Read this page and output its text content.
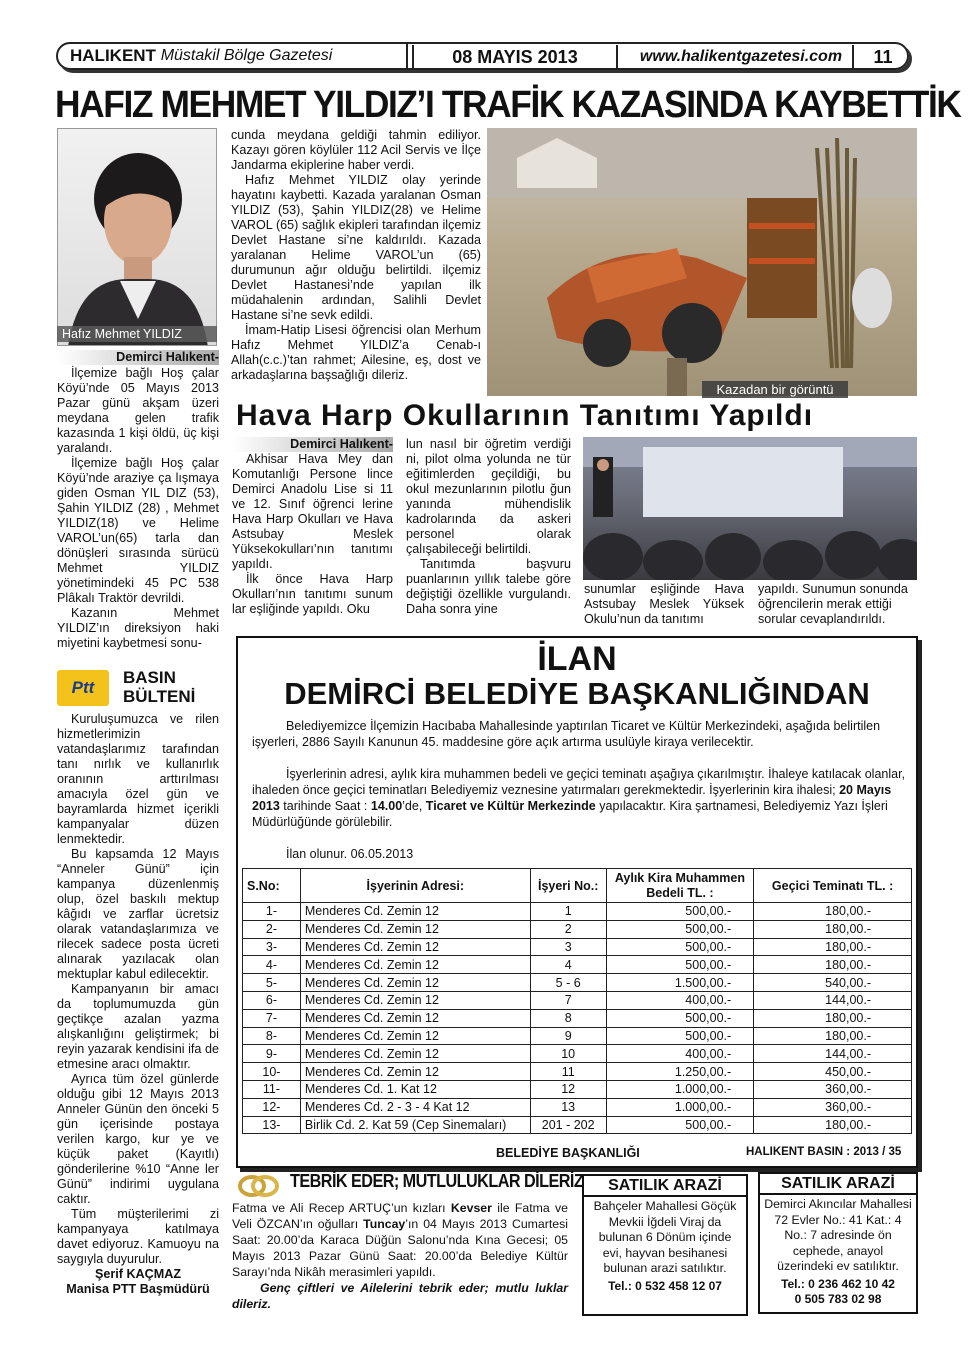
HALIKENT
Müstakil Bölge Gazetesi	08 MAYIS 2013	www.halikentgazetesi.com	11
HAFIZ MEHMET YILDIZ’I TRAFİK KAZASINDA KAYBETTİK
Hafız Mehmet YILDIZ
Demirci Halıkent-

İlçemize bağlı Hoş çalar Köyü’nde 05 Mayıs 2013 Pazar günü akşam üzeri meydana gelen trafik kazasında 1 kişi öldü, üç kişi yaralandı.

İlçemize bağlı Hoş çalar Köyü’nde araziye ça lışmaya giden Osman YIL DIZ (53), Şahin YILDIZ (28) , Mehmet YILDIZ(18) ve Helime VAROL’un(65) tarla dan dönüşleri sırasında sürücü Mehmet YILDIZ yönetimindeki 45 PC 538 Plâkalı Traktör devrildi.

Kazanın Mehmet YILDIZ’ın direksiyon haki miyetini kaybetmesi sonu-

cunda meydana geldiği tahmin ediliyor. Kazayı gören köylüler 112 Acil Servis ve İlçe Jandarma ekiplerine haber verdi.

Hafız Mehmet YILDIZ olay yerinde hayatını kaybetti. Kazada yaralanan Osman YILDIZ (53), Şahin YILDIZ(28) ve Helime VAROL (65) sağlık ekipleri tarafından ilçemiz Devlet Hastane si’ne kaldırıldı. Kazada yaralanan Helime VAROL’un (65) durumunun ağır olduğu belirtildi. ilçemiz Devlet Hastanesi’nde yapılan ilk müdahalenin ardından, Salihli Devlet Hastane si’ne sevk edildi.

İmam-Hatip Lisesi öğrencisi olan Merhum Hafız Mehmet YILDIZ’a Cenab-ı Allah(c.c.)’tan rahmet; Ailesine, eş, dost ve arkadaşlarına başsağlığı dileriz.

Kazadan bir görüntü
Hava Harp Okullarının Tanıtımı Yapıldı
Demirci Halıkent-

Akhisar Hava Mey dan Komutanlığı Persone lince Demirci Anadolu Lise si 11 ve 12. Sınıf öğrenci lerine Hava Harp Okulları ve Hava Astsubay Meslek Yüksekokulları’nın tanıtımı yapıldı.

İlk önce Hava Harp Okulları’nın tanıtımı sunum lar eşliğinde yapıldı. Oku

lun nasıl bir öğretim verdiği ni, pilot olma yolunda ne tür eğitimlerden geçildiği, bu okul mezunlarının pilotlu ğun yanında mühendislik kadrolarında da askeri personel olarak çalışabileceği belirtildi.

Tanıtımda başvuru puanlarının yıllık talebe göre değiştiği özellikle vurgulandı. Daha sonra yine

sunumlar eşliğinde Hava Astsubay Meslek Yüksek Okulu’nun da tanıtımı
yapıldı. Sunumun sonunda öğrencilerin merak ettiği sorular cevaplandırıldı.
Ptt
BASIN
BÜLTENİ

Kuruluşumuzca ve rilen hizmetlerimizin vatandaşlarımız tarafından tanı nırlık ve kullanırlık oranının arttırılması amacıyla özel gün ve bayramlarda hizmet içerikli kampanyalar düzen lenmektedir.

Bu kapsamda 12 Mayıs “Anneler Günü” için kampanya düzenlenmiş olup, özel baskılı mektup kâğıdı ve zarflar ücretsiz olarak vatandaşlarımıza ve rilecek sadece posta ücreti alınarak yazılacak olan mektuplar kabul edilecektir.

Kampanyanın bir amacı da toplumumuzda gün geçtikçe azalan yazma alışkanlığını geliştirmek; bi reyin yazarak kendisini ifa de etmesine aracı olmaktır.

Ayrıca tüm özel günlerde olduğu gibi 12 Mayıs 2013 Anneler Günün den önceki 5 gün içerisinde postaya verilen kargo, kur ye ve küçük paket (Kayıtlı) gönderilerine %10 “Anne ler Günü” indirimi uygulana caktır.

Tüm müşterilerimi zi kampanyaya katılmaya davet ediyoruz. Kamuoyu na saygıyla duyurulur.

Şerif KAÇMAZ
Manisa PTT Başmüdürü
İLAN
DEMİRCİ BELEDİYE BAŞKANLIĞINDAN
Belediyemizce İlçemizin Hacıbaba Mahallesinde yaptırılan Ticaret ve Kültür Merkezindeki, aşağıda belirtilen işyerleri, 2886 Sayılı Kanunun 45. maddesine göre açık artırma usulüyle kiraya verilecektir.
İşyerlerinin adresi, aylık kira muhammen bedeli ve geçici teminatı aşağıya çıkarılmıştır. İhaleye katılacak olanlar, ihaleden önce geçici teminatları Belediyemiz veznesine yatırmaları gerekmektedir. İşyerlerinin kira ihalesi; 20 Mayıs 2013 tarihinde Saat : 14.00’de, Ticaret ve Kültür Merkezinde yapılacaktır. Kira şartnamesi, Belediyemiz Yazı İşleri Müdürlüğünde görülebilir.
İlan olunur. 06.05.2013
S.No:	İşyerinin Adresi:	İşyeri No.:	Aylık Kira Muhammen Bedeli TL. :	Geçici Teminatı TL. :
1-	Menderes Cd. Zemin 12	1	500,00.-	180,00.-
2-	Menderes Cd. Zemin 12	2	500,00.-	180,00.-
3-	Menderes Cd. Zemin 12	3	500,00.-	180,00.-
4-	Menderes Cd. Zemin 12	4	500,00.-	180,00.-
5-	Menderes Cd. Zemin 12	5 - 6	1.500,00.-	540,00.-
6-	Menderes Cd. Zemin 12	7	400,00.-	144,00.-
7-	Menderes Cd. Zemin 12	8	500,00.-	180,00.-
8-	Menderes Cd. Zemin 12	9	500,00.-	180,00.-
9-	Menderes Cd. Zemin 12	10	400,00.-	144,00.-
10-	Menderes Cd. Zemin 12	11	1.250,00.-	450,00.-
11-	Menderes Cd. 1. Kat 12	12	1.000,00.-	360,00.-
12-	Menderes Cd. 2 - 3 - 4 Kat 12	13	1.000,00.-	360,00.-
13-	Birlik Cd. 2. Kat 59 (Cep Sinemaları)	201 - 202	500,00.-	180,00.-
BELEDİYE BAŞKANLIĞI	HALIKENT BASIN : 2013 / 35
TEBRİK EDER; MUTLULUKLAR DİLERİZ
Fatma ve Ali Recep ARTUÇ’un kızları Kevser ile Fatma ve Veli ÖZCAN’ın oğulları Tuncay’ın 04 Mayıs 2013 Cumartesi Saat: 20.00’da Karaca Düğün Salonu’nda Kına Gecesi; 05 Mayıs 2013 Pazar Günü Saat: 20.00’da Belediye Kültür Sarayı’nda Nikâh merasimleri yapıldı.
Genç çiftleri ve Ailelerini tebrik eder; mutlu luklar dileriz.
SATILIK ARAZİ
Bahçeler Mahallesi Göçük Mevkii İğdeli Viraj da bulunan 6 Dönüm içinde evi, hayvan besihanesi bulunan arazi satılıktır.
Tel.: 0 532 458 12 07
SATILIK ARAZİ
Demirci Akıncılar Mahallesi 72 Evler No.: 41 Kat.: 4 No.: 7 adresinde ön cephede, anayol üzerindeki ev satılıktır.
Tel.: 0 236 462 10 42
0 505 783 02 98
